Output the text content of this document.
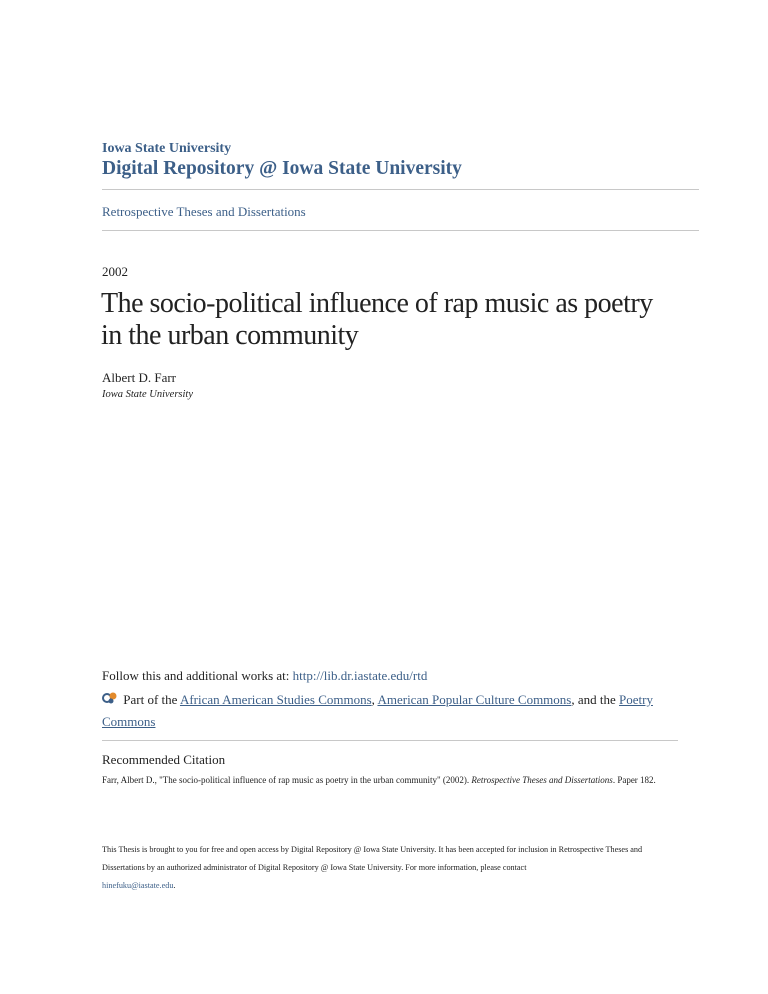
Iowa State University
Digital Repository @ Iowa State University
Retrospective Theses and Dissertations
2002
The socio-political influence of rap music as poetry
in the urban community
Albert D. Farr
Iowa State University
Follow this and additional works at: http://lib.dr.iastate.edu/rtd
Part of the African American Studies Commons, American Popular Culture Commons, and the Poetry Commons
Recommended Citation
Farr, Albert D., "The socio-political influence of rap music as poetry in the urban community" (2002). Retrospective Theses and Dissertations. Paper 182.
This Thesis is brought to you for free and open access by Digital Repository @ Iowa State University. It has been accepted for inclusion in Retrospective Theses and Dissertations by an authorized administrator of Digital Repository @ Iowa State University. For more information, please contact
hinefuku@iastate.edu.
